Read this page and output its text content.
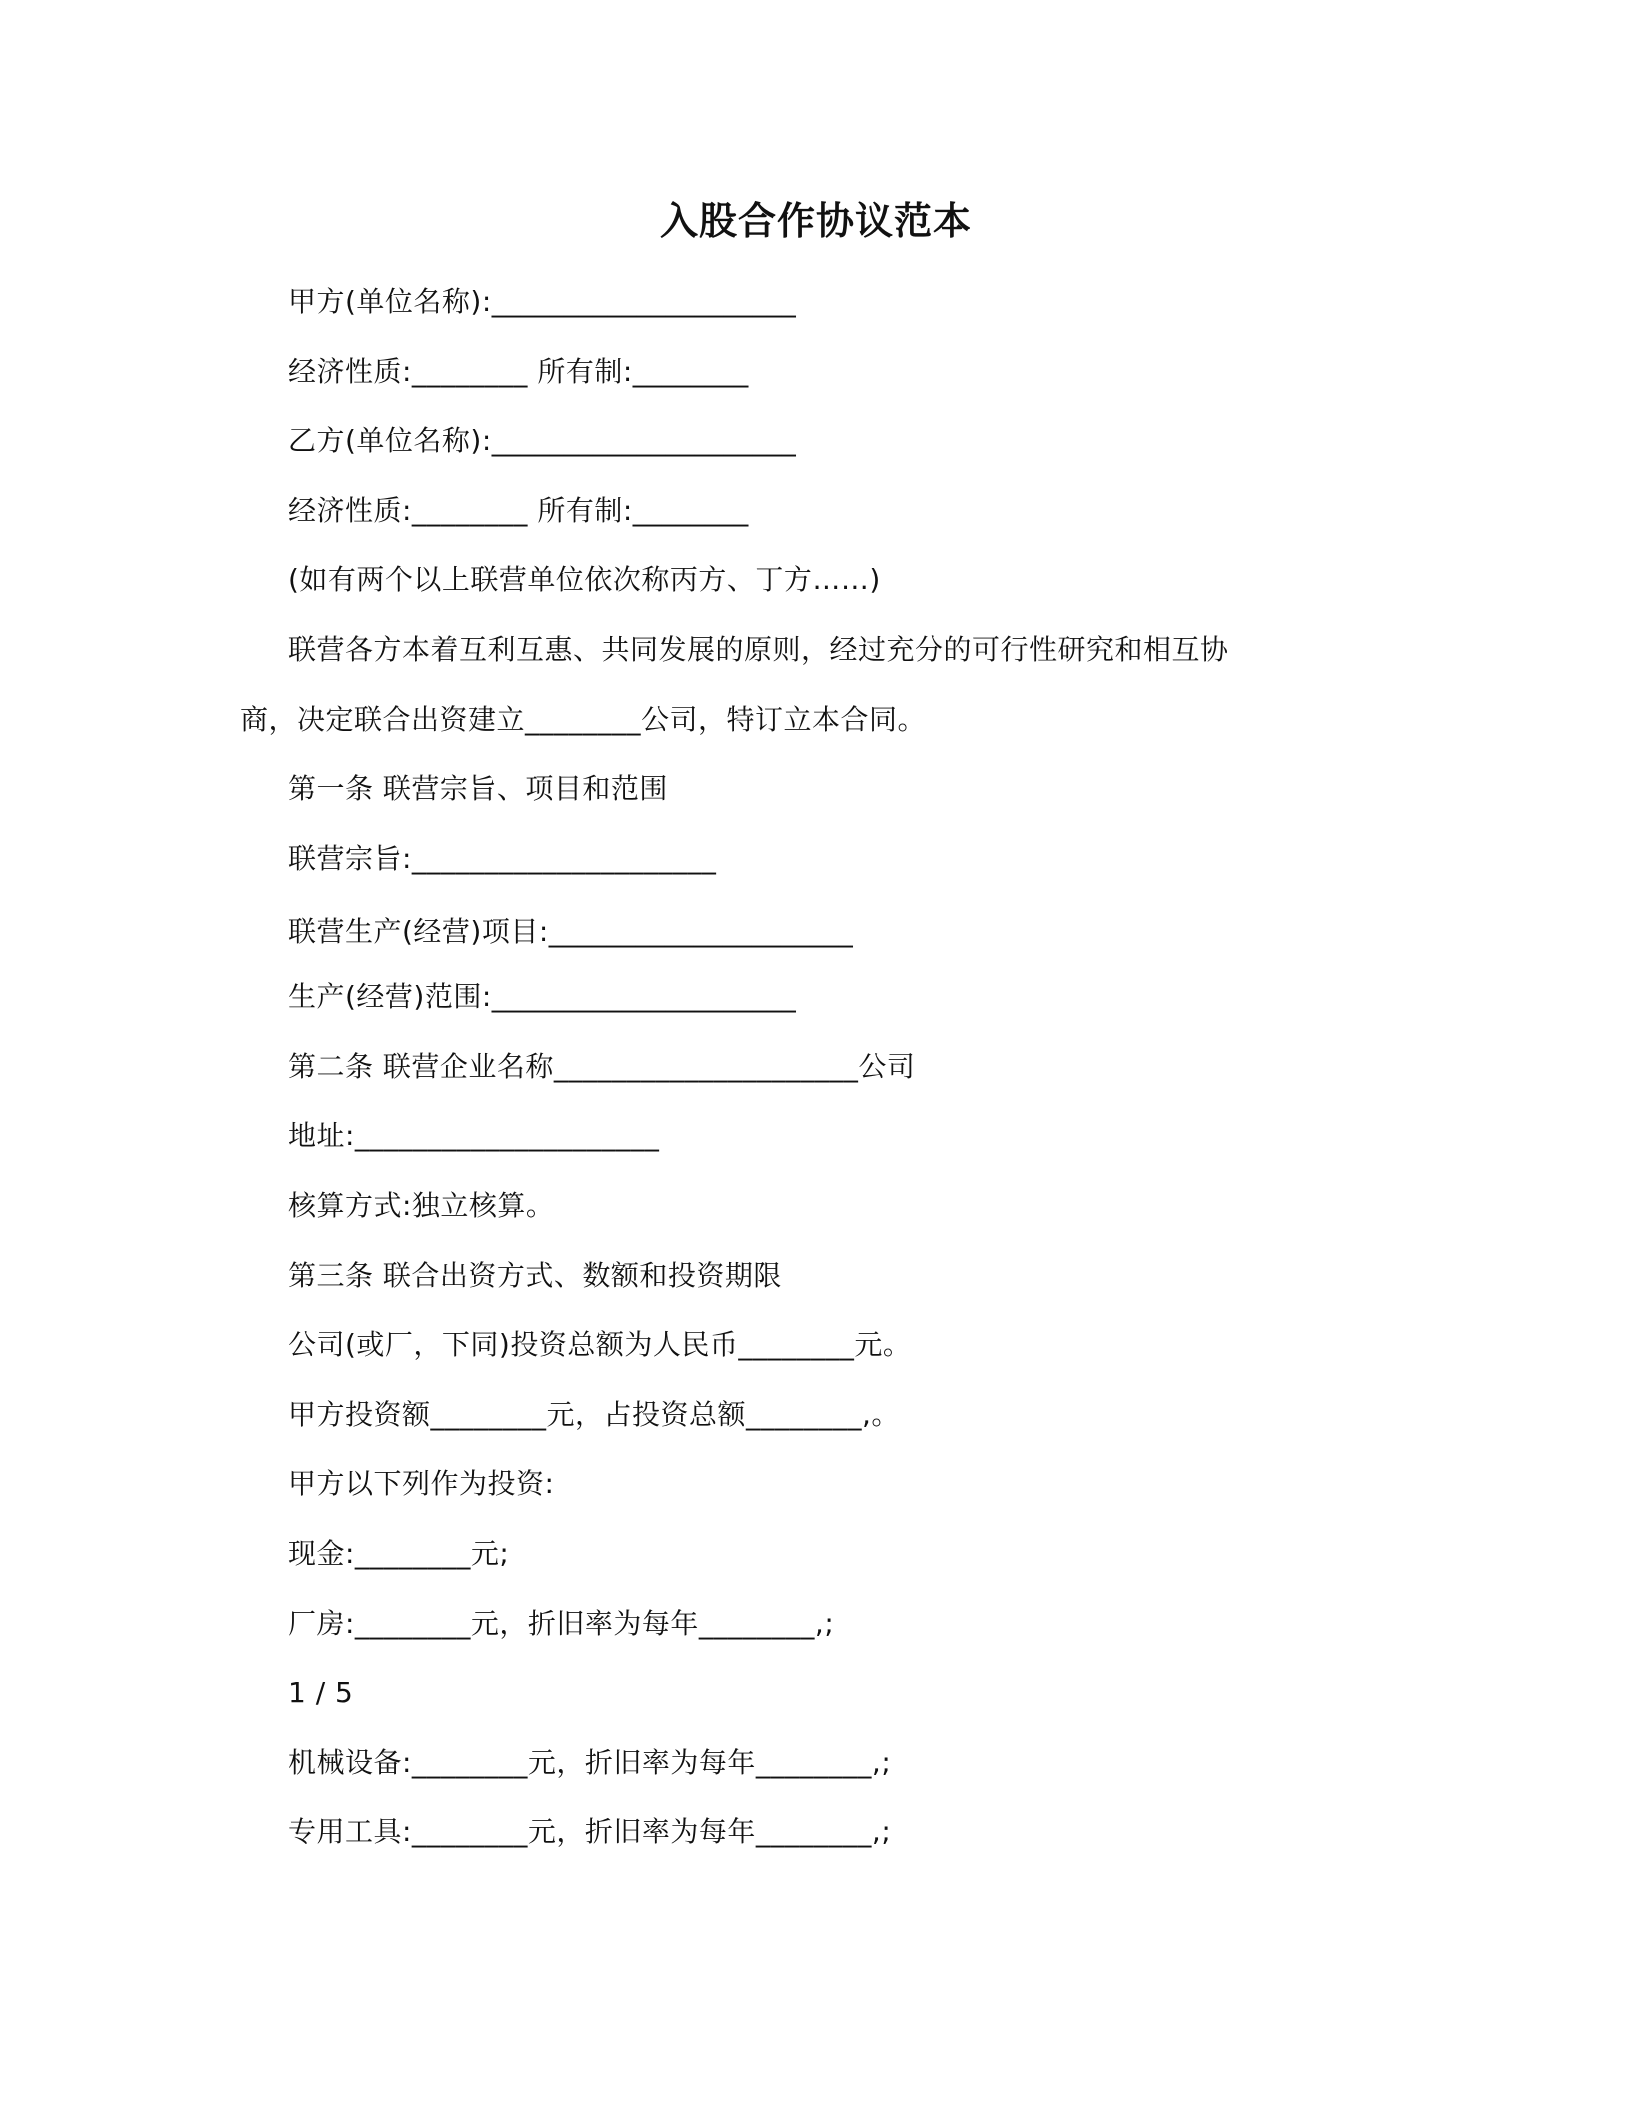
入股合作协议范本
甲方(单位名称):_____________________
经济性质:________ 所有制:________
乙方(单位名称):_____________________
经济性质:________ 所有制:________
(如有两个以上联营单位依次称丙方、丁方……)
联营各方本着互利互惠、共同发展的原则，经过充分的可行性研究和相互协
商，决定联合出资建立________公司，特订立本合同。
第一条 联营宗旨、项目和范围
联营宗旨:_____________________
联营生产(经营)项目:_____________________
生产(经营)范围:_____________________
第二条 联营企业名称_____________________公司
地址:_____________________
核算方式:独立核算。
第三条 联合出资方式、数额和投资期限
公司(或厂，下同)投资总额为人民币________元。
甲方投资额________元，占投资总额________,。
甲方以下列作为投资:
现金:________元;
厂房:________元，折旧率为每年________,;
1 / 5
机械设备:________元，折旧率为每年________,;
专用工具:________元，折旧率为每年________,;
